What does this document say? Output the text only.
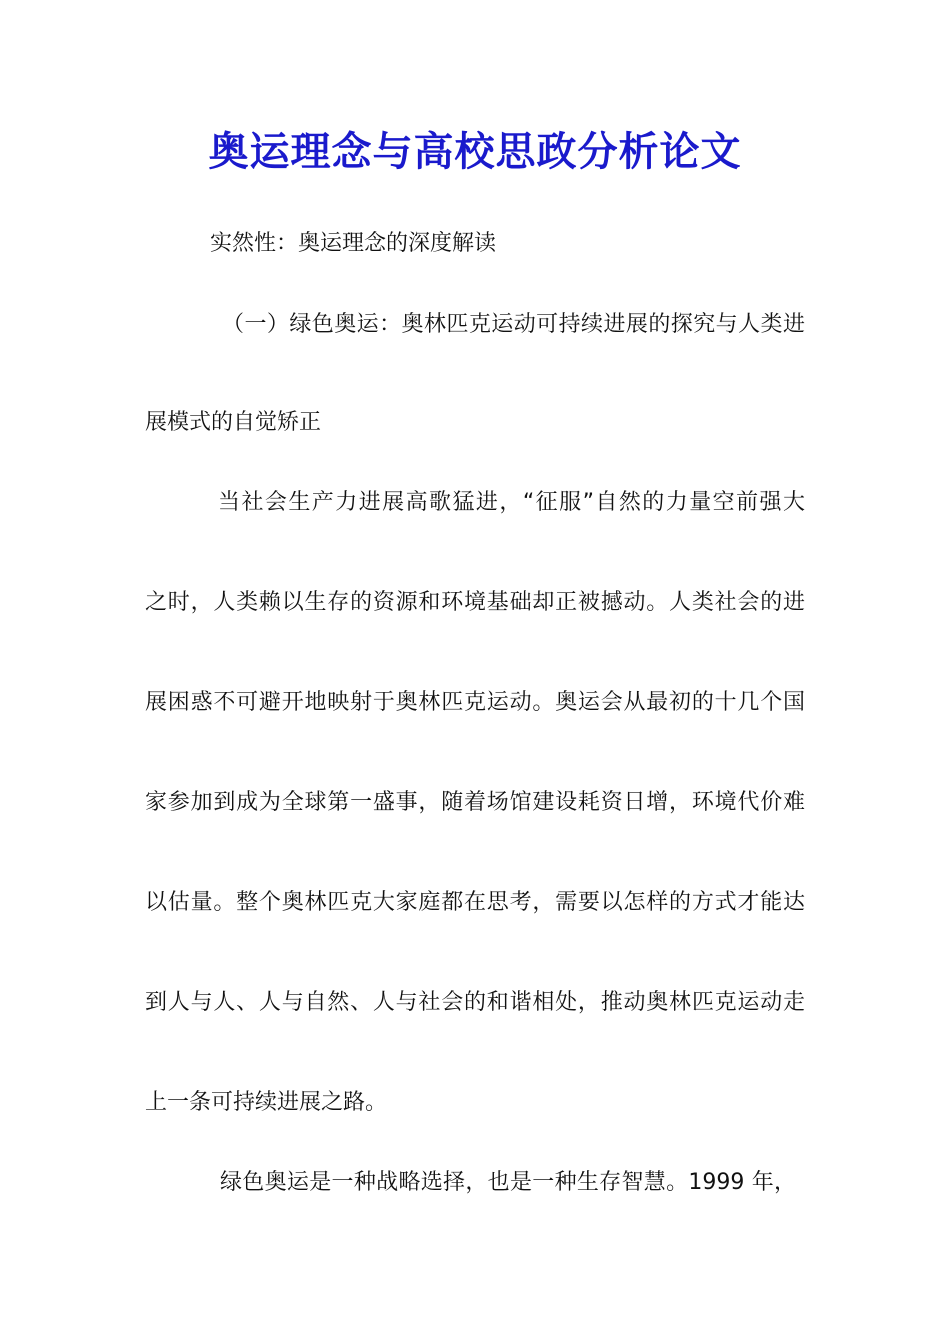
奥运理念与高校思政分析论文
实然性：奥运理念的深度解读
（一）绿色奥运：奥林匹克运动可持续进展的探究与人类进
展模式的自觉矫正
当社会生产力进展高歌猛进，“征服”自然的力量空前强大
之时，人类赖以生存的资源和环境基础却正被撼动。人类社会的进
展困惑不可避开地映射于奥林匹克运动。奥运会从最初的十几个国
家参加到成为全球第一盛事，随着场馆建设耗资日增，环境代价难
以估量。整个奥林匹克大家庭都在思考，需要以怎样的方式才能达
到人与人、人与自然、人与社会的和谐相处，推动奥林匹克运动走
上一条可持续进展之路。
绿色奥运是一种战略选择，也是一种生存智慧。1999 年，
